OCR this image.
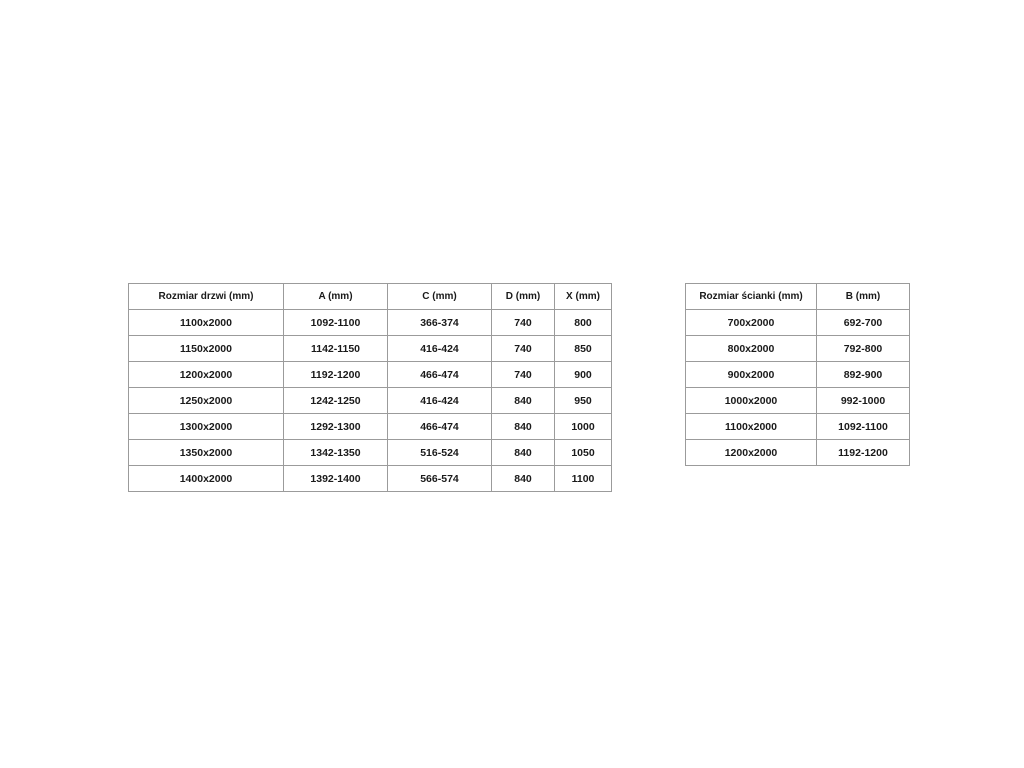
Rozmiar drzwi (mm)	A (mm)	C (mm)	D (mm)	X (mm)
1100x2000	1092-1100	366-374	740	800
1150x2000	1142-1150	416-424	740	850
1200x2000	1192-1200	466-474	740	900
1250x2000	1242-1250	416-424	840	950
1300x2000	1292-1300	466-474	840	1000
1350x2000	1342-1350	516-524	840	1050
1400x2000	1392-1400	566-574	840	1100
Rozmiar ścianki (mm)	B (mm)
700x2000	692-700
800x2000	792-800
900x2000	892-900
1000x2000	992-1000
1100x2000	1092-1100
1200x2000	1192-1200
